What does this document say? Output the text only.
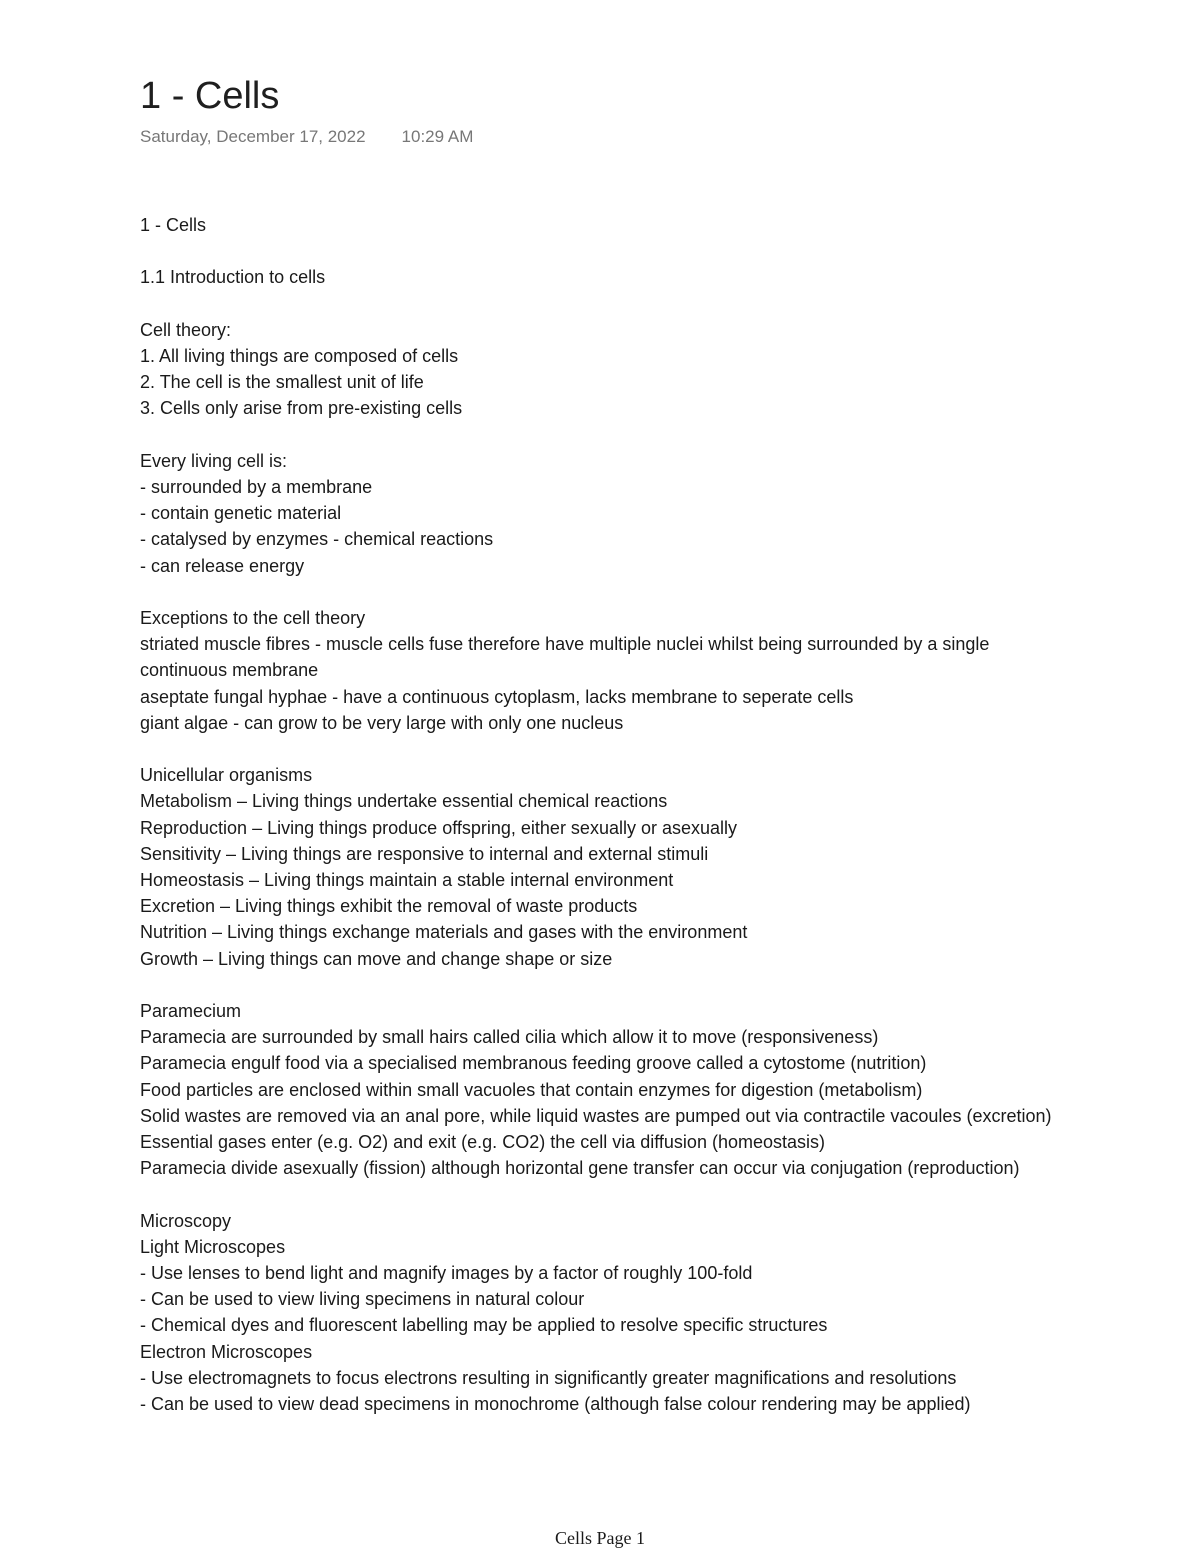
1 - Cells
Saturday, December 17, 2022 10:29 AM
1 - Cells
1.1 Introduction to cells
Cell theory:
1. All living things are composed of cells
2. The cell is the smallest unit of life
3. Cells only arise from pre-existing cells
Every living cell is:
- surrounded by a membrane
- contain genetic material
- catalysed by enzymes - chemical reactions
- can release energy
Exceptions to the cell theory
striated muscle fibres - muscle cells fuse therefore have multiple nuclei whilst being surrounded by a single continuous membrane
aseptate fungal hyphae - have a continuous cytoplasm, lacks membrane to seperate cells
giant algae - can grow to be very large with only one nucleus
Unicellular organisms
Metabolism – Living things undertake essential chemical reactions
Reproduction – Living things produce offspring, either sexually or asexually
Sensitivity – Living things are responsive to internal and external stimuli
Homeostasis – Living things maintain a stable internal environment
Excretion – Living things exhibit the removal of waste products
Nutrition – Living things exchange materials and gases with the environment
Growth – Living things can move and change shape or size
Paramecium
Paramecia are surrounded by small hairs called cilia which allow it to move (responsiveness)
Paramecia engulf food via a specialised membranous feeding groove called a cytostome (nutrition)
Food particles are enclosed within small vacuoles that contain enzymes for digestion (metabolism)
Solid wastes are removed via an anal pore, while liquid wastes are pumped out via contractile vacoules (excretion)
Essential gases enter (e.g. O2) and exit (e.g. CO2) the cell via diffusion (homeostasis)
Paramecia divide asexually (fission) although horizontal gene transfer can occur via conjugation (reproduction)
Microscopy
Light Microscopes
- Use lenses to bend light and magnify images by a factor of roughly 100-fold
- Can be used to view living specimens in natural colour
- Chemical dyes and fluorescent labelling may be applied to resolve specific structures
Electron Microscopes
- Use electromagnets to focus electrons resulting in significantly greater magnifications and resolutions
- Can be used to view dead specimens in monochrome (although false colour rendering may be applied)
Cells Page 1
